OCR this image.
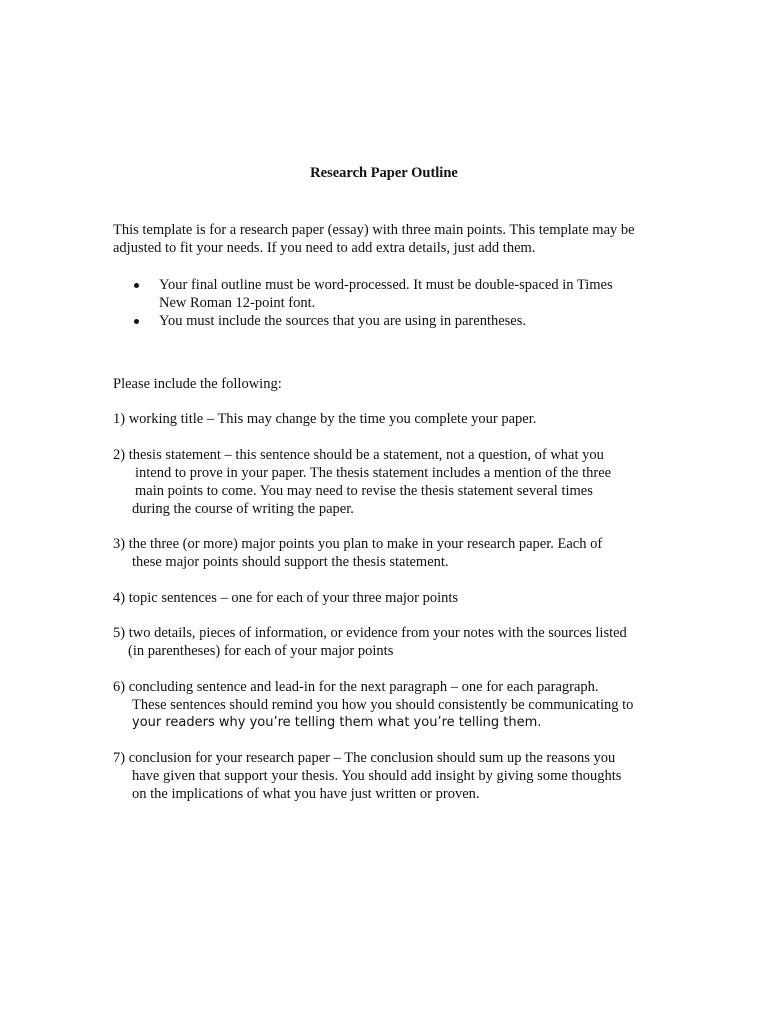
Research Paper Outline
This template is for a research paper (essay) with three main points. This template may be
adjusted to fit your needs. If you need to add extra details, just add them.
Your final outline must be word-processed. It must be double-spaced in Times
New Roman 12-point font.
You must include the sources that you are using in parentheses.
Please include the following:
1) working title – This may change by the time you complete your paper.
2) thesis statement – this sentence should be a statement, not a question, of what you
intend to prove in your paper. The thesis statement includes a mention of the three
main points to come. You may need to revise the thesis statement several times
during the course of writing the paper.
3) the three (or more) major points you plan to make in your research paper. Each of
these major points should support the thesis statement.
4) topic sentences – one for each of your three major points
5) two details, pieces of information, or evidence from your notes with the sources listed
(in parentheses) for each of your major points
6) concluding sentence and lead-in for the next paragraph – one for each paragraph.
These sentences should remind you how you should consistently be communicating to
your readers why you’re telling them what you’re telling them.
7) conclusion for your research paper – The conclusion should sum up the reasons you
have given that support your thesis. You should add insight by giving some thoughts
on the implications of what you have just written or proven.
